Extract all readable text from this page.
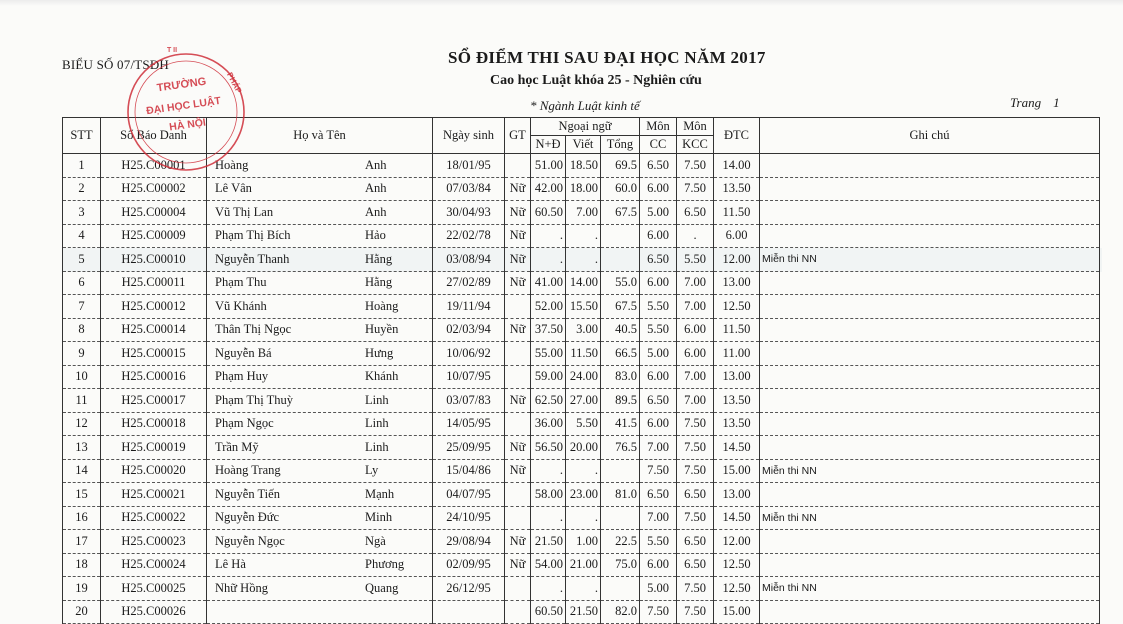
BIỂU SỐ 07/TSĐH	SỔ ĐIỂM THI SAU ĐẠI HỌC NĂM 2017
Cao học Luật khóa 25 - Nghiên cứu
* Ngành Luật kinh tế	Trang 1
STT	Số Báo Danh	Họ và Tên	Ngày sinh	GT	Ngoại ngữ			Môn	Môn	ĐTC	Ghi chú
					N+Đ	Viết	Tổng	CC	KCC		
1	H25.C00001	Hoàng Anh	18/01/95		51.00	18.50	69.5	6.50	7.50	14.00	
2	H25.C00002	Lê Vân Anh	07/03/84	Nữ	42.00	18.00	60.0	6.00	7.50	13.50	
3	H25.C00004	Vũ Thị Lan Anh	30/04/93	Nữ	60.50	7.00	67.5	5.00	6.50	11.50	
4	H25.C00009	Phạm Thị Bích Hảo	22/02/78	Nữ	.	.		6.00	.	6.00	
5	H25.C00010	Nguyễn Thanh Hằng	03/08/94	Nữ	.	.		6.50	5.50	12.00	Miễn thi NN
6	H25.C00011	Phạm Thu Hằng	27/02/89	Nữ	41.00	14.00	55.0	6.00	7.00	13.00	
7	H25.C00012	Vũ Khánh Hoàng	19/11/94		52.00	15.50	67.5	5.50	7.00	12.50	
8	H25.C00014	Thân Thị Ngọc Huyền	02/03/94	Nữ	37.50	3.00	40.5	5.50	6.00	11.50	
9	H25.C00015	Nguyễn Bá Hưng	10/06/92		55.00	11.50	66.5	5.00	6.00	11.00	
10	H25.C00016	Phạm Huy Khánh	10/07/95		59.00	24.00	83.0	6.00	7.00	13.00	
11	H25.C00017	Phạm Thị Thuỳ Linh	03/07/83	Nữ	62.50	27.00	89.5	6.50	7.00	13.50	
12	H25.C00018	Phạm Ngọc Linh	14/05/95		36.00	5.50	41.5	6.00	7.50	13.50	
13	H25.C00019	Trần Mỹ Linh	25/09/95	Nữ	56.50	20.00	76.5	7.00	7.50	14.50	
14	H25.C00020	Hoàng Trang Ly	15/04/86	Nữ	.	.		7.50	7.50	15.00	Miễn thi NN
15	H25.C00021	Nguyễn Tiến Mạnh	04/07/95		58.00	23.00	81.0	6.50	6.50	13.00	
16	H25.C00022	Nguyễn Đức Minh	24/10/95		.	.		7.00	7.50	14.50	Miễn thi NN
17	H25.C00023	Nguyễn Ngọc Ngà	29/08/94	Nữ	21.50	1.00	22.5	5.50	6.50	12.00	
18	H25.C00024	Lê Hà Phương	02/09/95	Nữ	54.00	21.00	75.0	6.00	6.50	12.50	
19	H25.C00025	Nhữ Hồng Quang	26/12/95		.	.		5.00	7.50	12.50	Miễn thi NN
20	H25.C00026				60.50	21.50	82.0	7.50	7.50	15.00	
TRƯỜNG
ĐẠI HỌC LUẬT
HÀ NỘI
PHÁP
T II
